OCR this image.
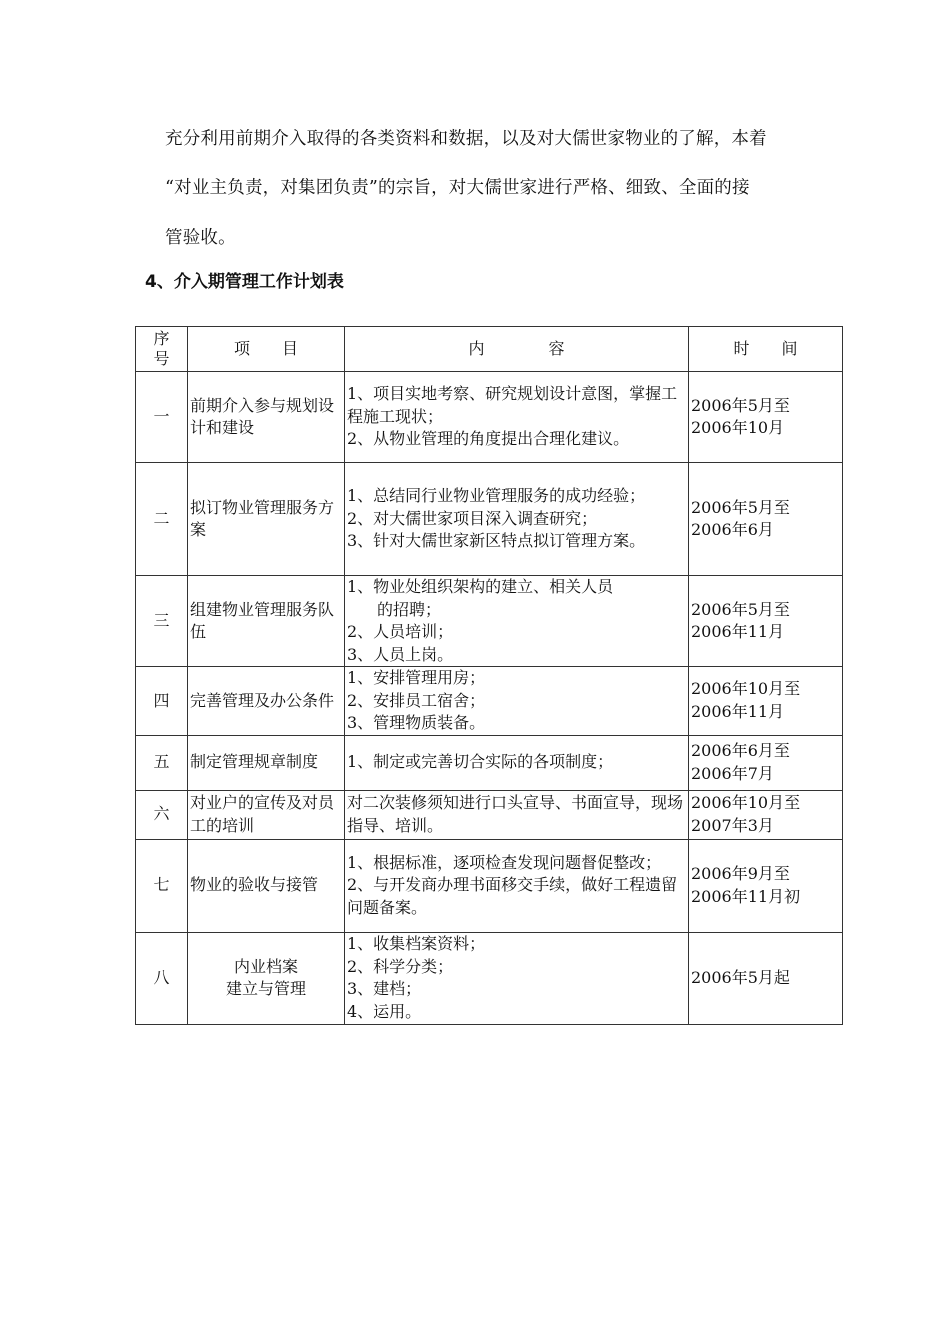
充分利用前期介入取得的各类资料和数据，以及对大儒世家物业的了解，本着
“对业主负责，对集团负责”的宗旨，对大儒世家进行严格、细致、全面的接
管验收。
4、介入期管理工作计划表
序号	项　　目	内　　　　容	时　　间
一	前期介入参与规划设计和建设	1、项目实地考察、研究规划设计意图，掌握工程施工现状；
2、从物业管理的角度提出合理化建议。	2006年5月至
2006年10月

二	拟订物业管理服务方案	1、总结同行业物业管理服务的成功经验；
2、对大儒世家项目深入调查研究；
3、针对大儒世家新区特点拟订管理方案。	2006年5月至
2006年6月

三	组建物业管理服务队伍	1、物业处组织架构的建立、相关人员
的招聘；
2、人员培训；
3、人员上岗。	2006年5月至
2006年11月

四	完善管理及办公条件	1、安排管理用房；
2、安排员工宿舍；
3、管理物质装备。	2006年10月至
2006年11月

五	制定管理规章制度	1、制定或完善切合实际的各项制度；	2006年6月至
2006年7月

六	对业户的宣传及对员工的培训	对二次装修须知进行口头宣导、书面宣导，现场指导、培训。	2006年10月至
2007年3月

七	物业的验收与接管	1、根据标准，逐项检查发现问题督促整改；
2、与开发商办理书面移交手续，做好工程遗留问题备案。	2006年9月至
2006年11月初

八	内业档案
建立与管理	1、收集档案资料；
2、科学分类；
3、建档；
4、运用。	2006年5月起
